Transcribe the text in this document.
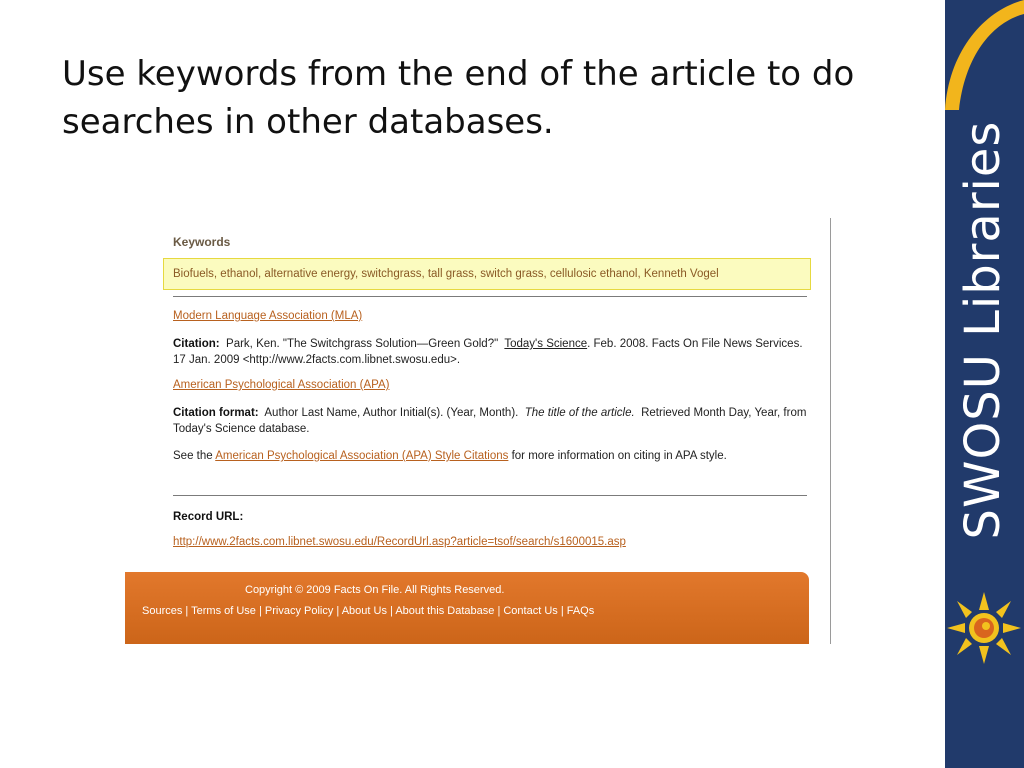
Use keywords from the end of the article to do searches in other databases.	SWOSU Libraries
Keywords
Biofuels, ethanol, alternative energy, switchgrass, tall grass, switch grass, cellulosic ethanol, Kenneth Vogel
Modern Language Association (MLA)
Citation: Park, Ken. "The Switchgrass Solution—Green Gold?" Today's Science. Feb. 2008. Facts On File News Services. 17 Jan. 2009 <http://www.2facts.com.libnet.swosu.edu>.
American Psychological Association (APA)
Citation format: Author Last Name, Author Initial(s). (Year, Month). The title of the article. Retrieved Month Day, Year, from Today's Science database.
See the American Psychological Association (APA) Style Citations for more information on citing in APA style.
Record URL:
http://www.2facts.com.libnet.swosu.edu/RecordUrl.asp?article=tsof/search/s1600015.asp
Copyright © 2009 Facts On File. All Rights Reserved.
Sources | Terms of Use | Privacy Policy | About Us | About this Database | Contact Us | FAQs
